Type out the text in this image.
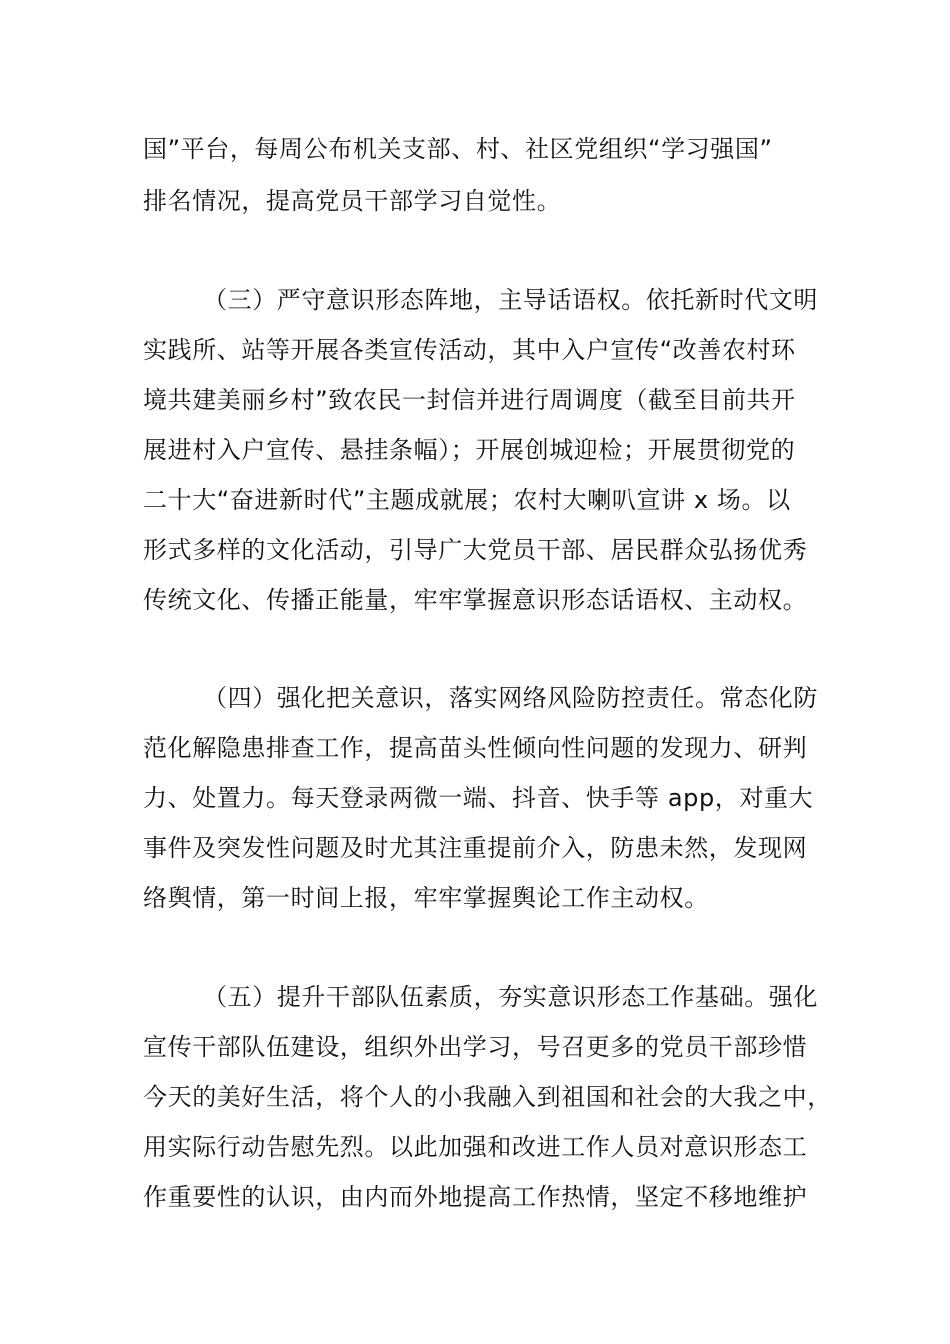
国”平台，每周公布机关支部、村、社区党组织“学习强国”
排名情况，提高党员干部学习自觉性。
（三）严守意识形态阵地，主导话语权。依托新时代文明
实践所、站等开展各类宣传活动，其中入户宣传“改善农村环
境共建美丽乡村”致农民一封信并进行周调度（截至目前共开
展进村入户宣传、悬挂条幅）；开展创城迎检；开展贯彻党的
二十大“奋进新时代”主题成就展；农村大喇叭宣讲 x 场。以
形式多样的文化活动，引导广大党员干部、居民群众弘扬优秀
传统文化、传播正能量，牢牢掌握意识形态话语权、主动权。
（四）强化把关意识，落实网络风险防控责任。常态化防
范化解隐患排查工作，提高苗头性倾向性问题的发现力、研判
力、处置力。每天登录两微一端、抖音、快手等 app，对重大
事件及突发性问题及时尤其注重提前介入，防患未然，发现网
络舆情，第一时间上报，牢牢掌握舆论工作主动权。
（五）提升干部队伍素质，夯实意识形态工作基础。强化
宣传干部队伍建设，组织外出学习，号召更多的党员干部珍惜
今天的美好生活，将个人的小我融入到祖国和社会的大我之中，
用实际行动告慰先烈。以此加强和改进工作人员对意识形态工
作重要性的认识，由内而外地提高工作热情，坚定不移地维护
